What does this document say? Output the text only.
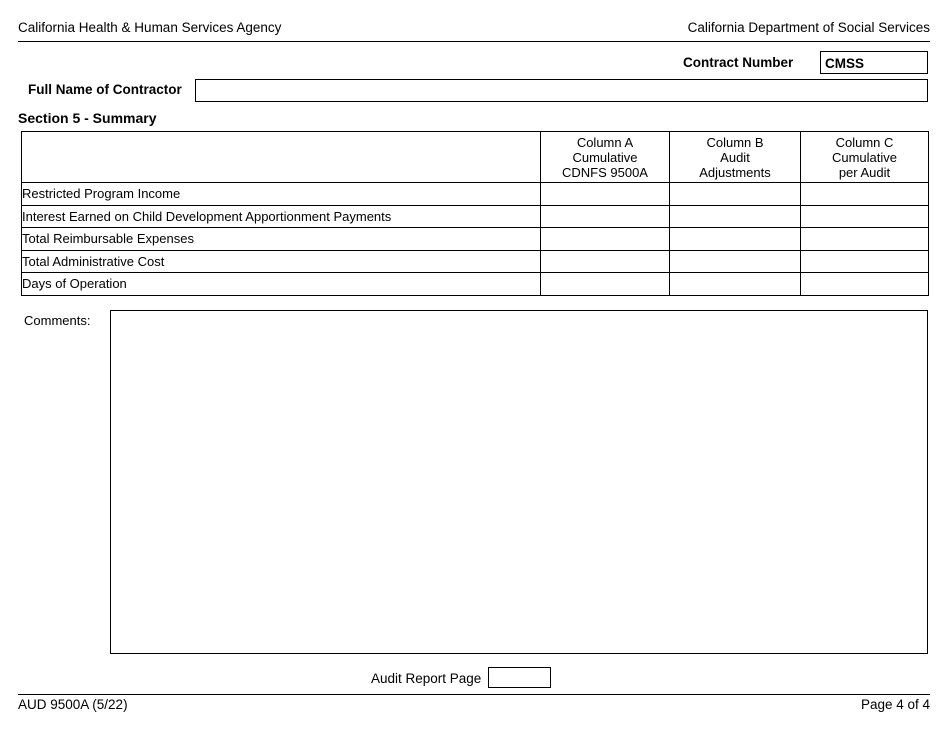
California Health & Human Services Agency	California Department of Social Services
Contract Number	CMSS
Full Name of Contractor
Section 5 - Summary

Column A
Cumulative
CDNFS 9500A

Column B
Audit
Adjustments

Column C
Cumulative
per Audit

Restricted Program Income			
Interest Earned on Child Development Apportionment Payments			
Total Reimbursable Expenses			
Total Administrative Cost			
Days of Operation			
Comments:
Audit Report Page
AUD 9500A (5/22)	Page 4 of 4
